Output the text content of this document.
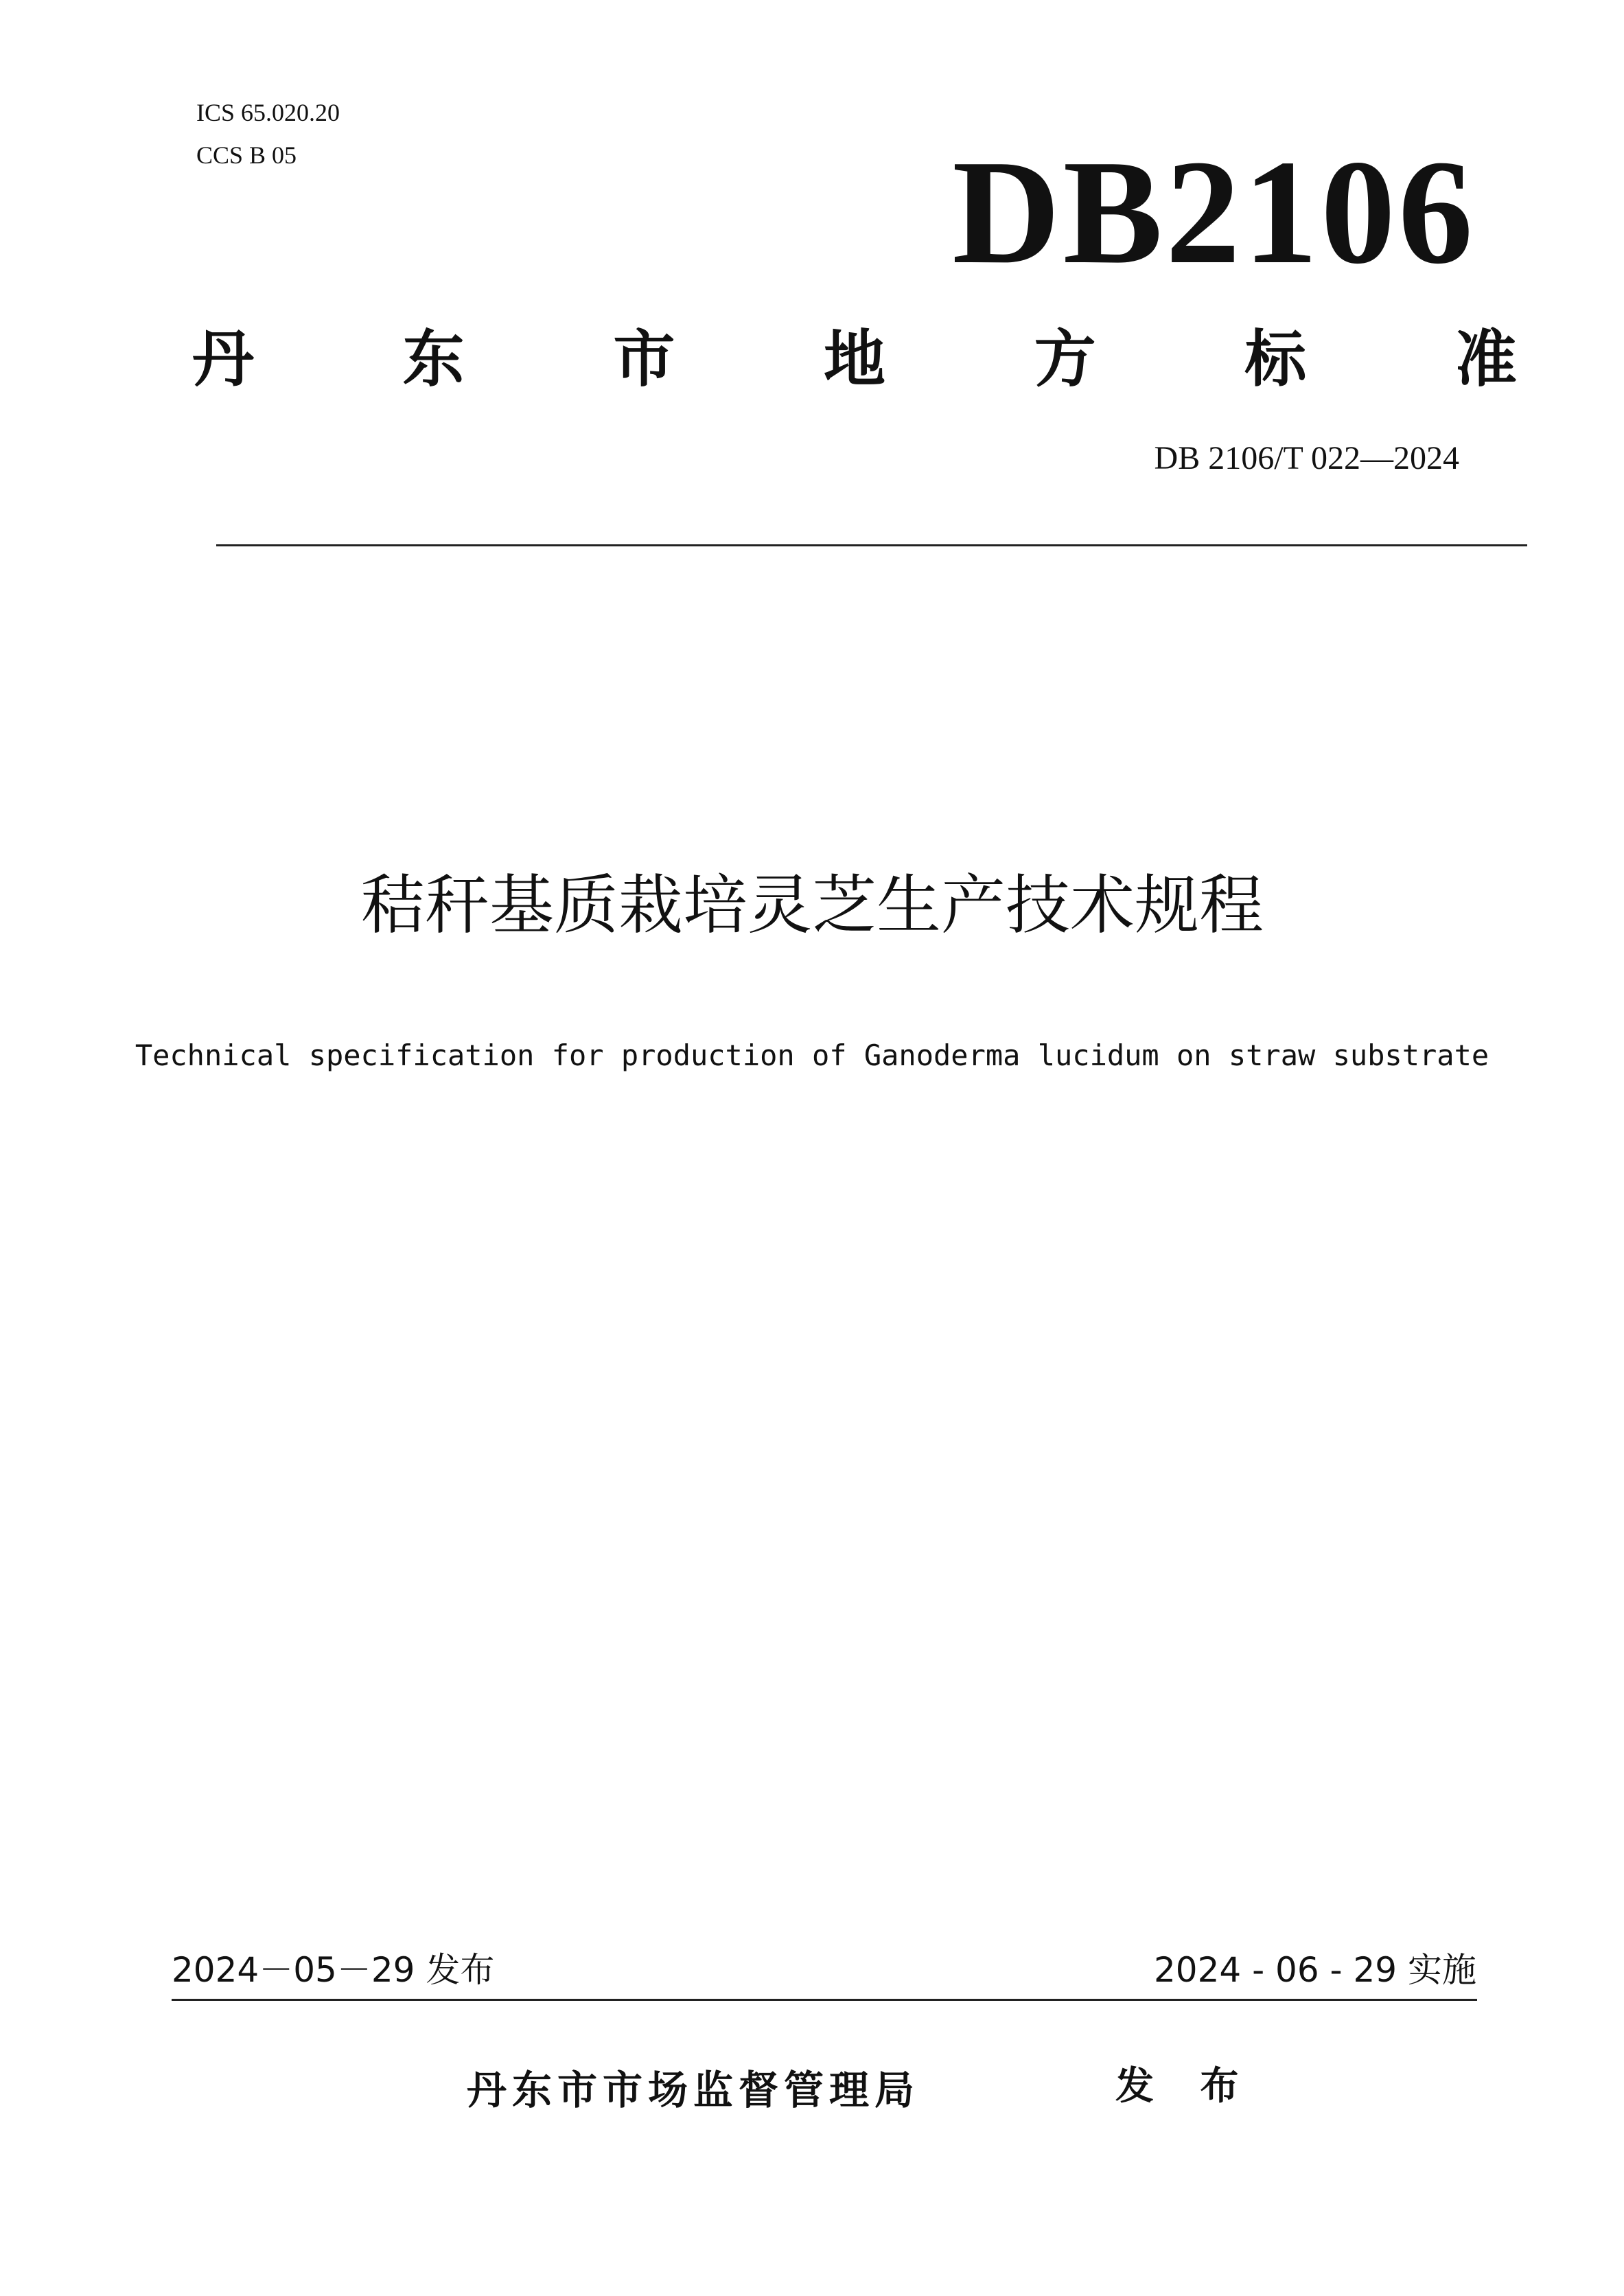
ICS 65.020.20
CCS B 05	DB2106
丹 东 市 地 方 标 准
DB 2106/T 022—2024
秸秆基质栽培灵芝生产技术规程
Technical specification for production of Ganoderma lucidum on straw substrate
2024－05－29 发布	2024 - 06 - 29 实施
丹东市市场监督管理局	发 布
